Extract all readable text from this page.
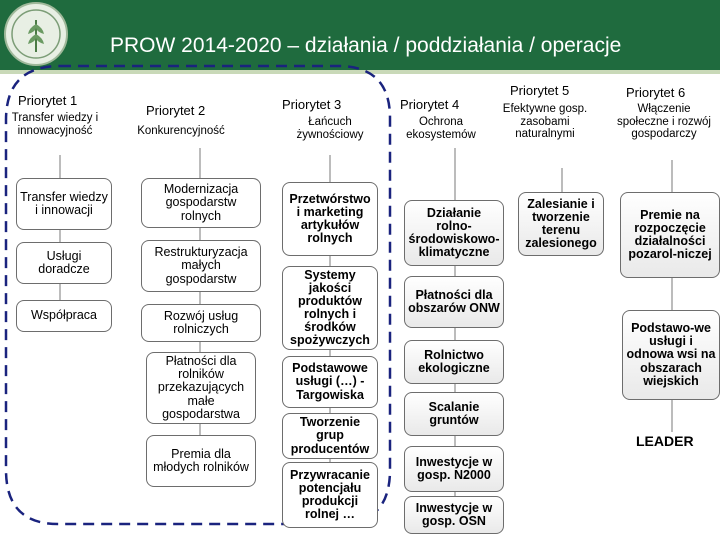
PROW 2014-2020 – działania / poddziałania / operacje
Priorytet 1
Transfer wiedzy i innowacyjność
Priorytet 2
Konkurencyjność
Priorytet 3
Łańcuch żywnościowy
Priorytet 4
Ochrona ekosystemów
Priorytet 5
Efektywne gosp. zasobami naturalnymi
Priorytet 6
Włączenie społeczne i rozwój gospodarczy
Transfer wiedzy i innowacji
Usługi doradcze
Współpraca
Modernizacja gospodarstw rolnych
Restrukturyzacja małych gospodarstw
Rozwój usług rolniczych
Płatności dla rolników przekazujących małe gospodarstwa
Premia dla młodych rolników
Przetwórstwo i marketing artykułów rolnych
Systemy jakości produktów rolnych i środków spożywczych
Podstawowe usługi (…) - Targowiska
Tworzenie grup producentów
Przywracanie potencjału produkcji rolnej …
Działanie rolno-środowiskowo-klimatyczne
Płatności dla obszarów ONW
Rolnictwo ekologiczne
Scalanie gruntów
Inwestycje w gosp. N2000
Inwestycje w gosp. OSN
Zalesianie i tworzenie terenu zalesionego
Premie na rozpoczęcie działalności pozarol-niczej
Podstawo-we usługi i odnowa wsi na obszarach wiejskich
LEADER
